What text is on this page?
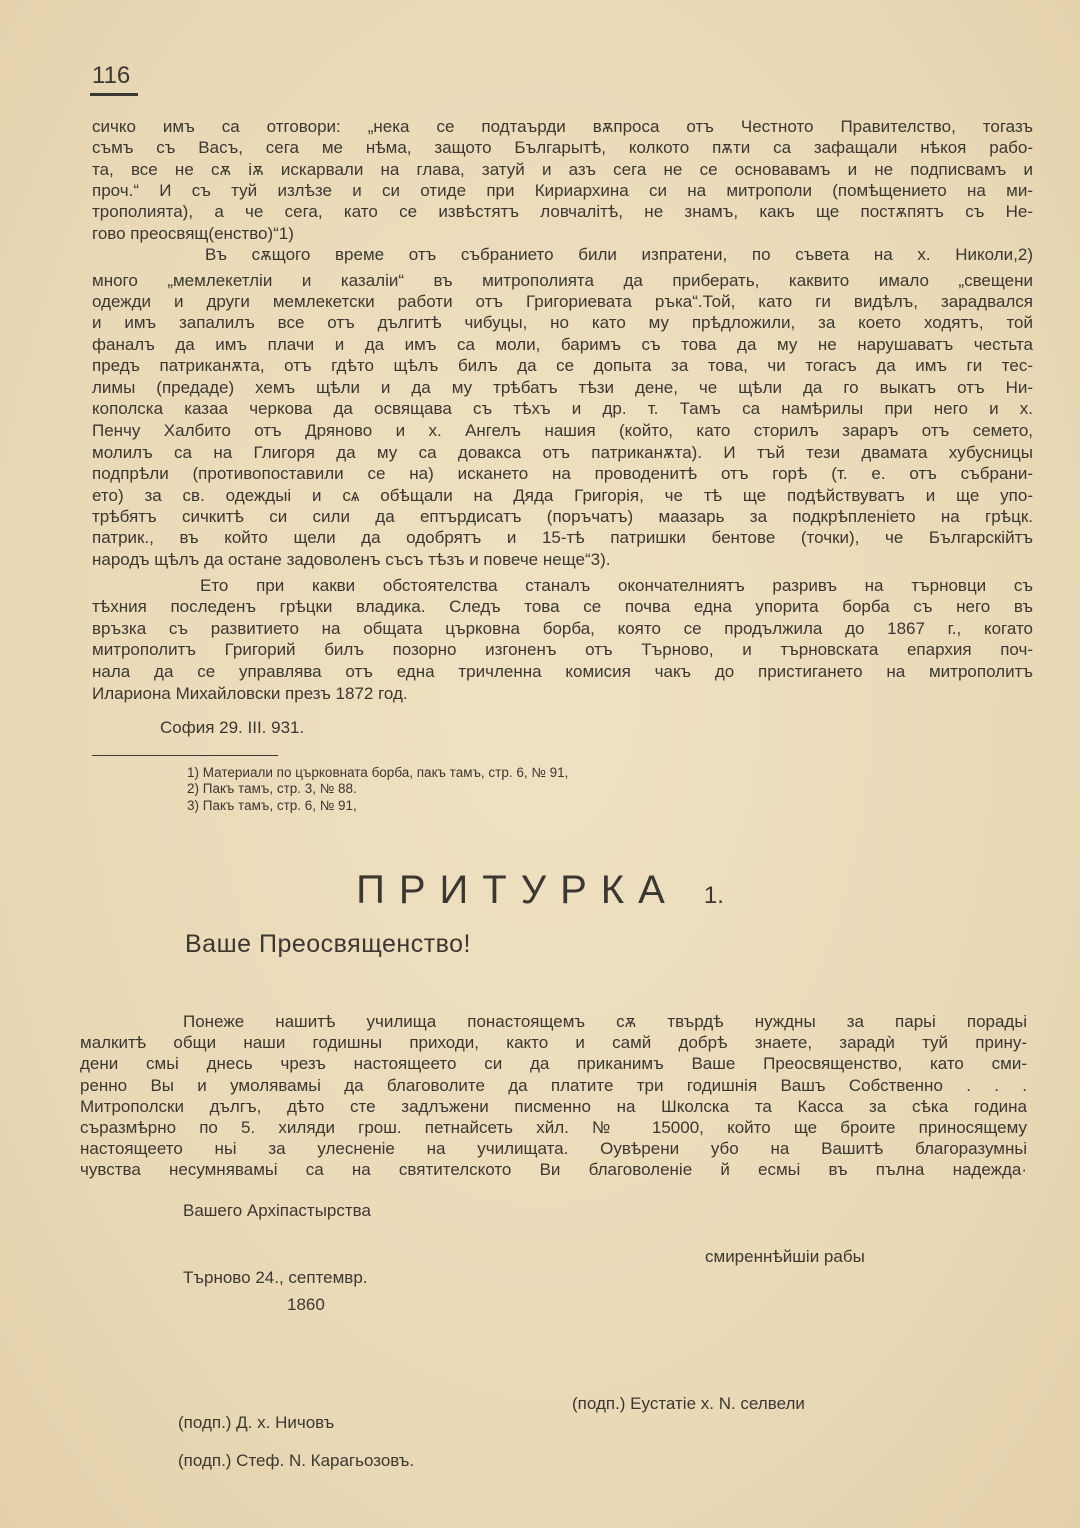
116
сичко имъ са отговори: „нека се подтаърди вѫпроса отъ Честното Правителство, тогазъ
съмъ съ Васъ, сега ме нѣма, защото Българытѣ, колкото пѫти са зафащали нѣкоя рабо-
та, все не сѫ іѫ искарвали на глава, затуй и азъ сега не се основавамъ и не подписвамъ и
проч.“ И съ туй излѣзе и си отиде при Кириархина си на митрополи (помѣщението на ми-
трополията), а че сега, като се извѣстятъ ловчалiтѣ, не знамъ, какъ ще постѫпятъ съ Не-
гово преосвящ(енство)“1)
Въ сѫщого време отъ събранието били изпратени, по съвета на х. Николи,2)
много „мемлекетлiи и казалiи“ въ митрополията да приберать, каквито имало „свещени
одежди и други мемлекетски работи отъ Григориевата ръка“.Той, като ги видѣлъ, зарадвался
и имъ запалилъ все отъ дългитѣ чибуцы, но като му прѣдложили, за което ходятъ, той
фаналъ да имъ плачи и да имъ са моли, баримъ съ това да му не нарушаватъ честьта
предъ патриканѫта, отъ гдѣто щѣлъ билъ да се допыта за това, чи тогасъ да имъ ги тес-
лимы (предаде) хемъ щѣли и да му трѣбатъ тѣзи дене, че щѣли да го выкатъ отъ Ни-
кополска казаа черкова да освящава съ тѣхъ и др. т. Тамъ са намѣрилы при него и х.
Пенчу Халбито отъ Дряново и х. Ангелъ нашия (който, като сторилъ зараръ отъ семето,
молилъ са на Глигоря да му са довакса отъ патриканѫта). И тъй тези двамата хубусницы
подпрѣли (противопоставили се на) искането на проводенитѣ отъ горѣ (т. е. отъ събрани-
ето) за св. одеждыi и сѧ обѣщали на Дяда Григорія, че тѣ ще подѣйствуватъ и ще упо-
трѣбятъ сичкитѣ си сили да ептърдисатъ (поръчатъ) маазарь за подкрѣпленіето на грѣцк.
патрик., въ който щели да одобрятъ и 15-тѣ патришки бентове (точки), че Българскійтъ
народъ щѣлъ да остане задоволенъ съсъ тѣзъ и повече неще“3).
Ето при какви обстоятелства станалъ окончателниятъ разривъ на търновци съ
тѣхния последенъ грѣцки владика. Следъ това се почва една упорита борба съ него въ
връзка съ развитието на общата църковна борба, която се продължила до 1867 г., когато
митрополитъ Григорий билъ позорно изгоненъ отъ Търново, и търновската епархия поч-
нала да се управлява отъ една тричленна комисия чакъ до пристигането на митрополитъ
Илариона Михайловски презъ 1872 год.
София 29. III. 931.
1) Материали по църковната борба, пакъ тамъ, стр. 6, № 91,
2) Пакъ тамъ, стр. 3, № 88.
3) Пакъ тамъ, стр. 6, № 91,
ПРИТУРКА 1.
Ваше Преосвященство!
Понеже нашитѣ училища понастоящемъ сѫ твърдѣ нуждны за парьі порадьі
малкитѣ общи наши годишны приходи, както и самй добрѣ знаете, зарадѝ туй прину-
дени смьі днесь чрезъ настоящеето си да приканимъ Ваше Преосвященство, като сми-
ренно Вы и умолявамьі да благоволите да платите три годишнія Вашъ Собственно . . .
Митрополски дългъ, дѣто сте задлъжени писменно на Школска та Касса за сѣка година
съразмѣрно по 5. хиляди грош. петнайсеть хйл. № 15000, който ще броите приносящему
настоящеето ньі за улесненіе на училищата. Оувѣрени убо на Вашитѣ благоразумньі
чувства несумнявамьі са на святителското Ви благоволеніе й есмьі въ пълна надежда·
Вашего Архіпастырства
смиреннѣйшіи рабы
Търново 24., септемвр.
1860
(подп.) Еустатіе х. N. селвели
(подп.) Д. х. Ничовъ
(подп.) Стеф. N. Карагьозовъ.
